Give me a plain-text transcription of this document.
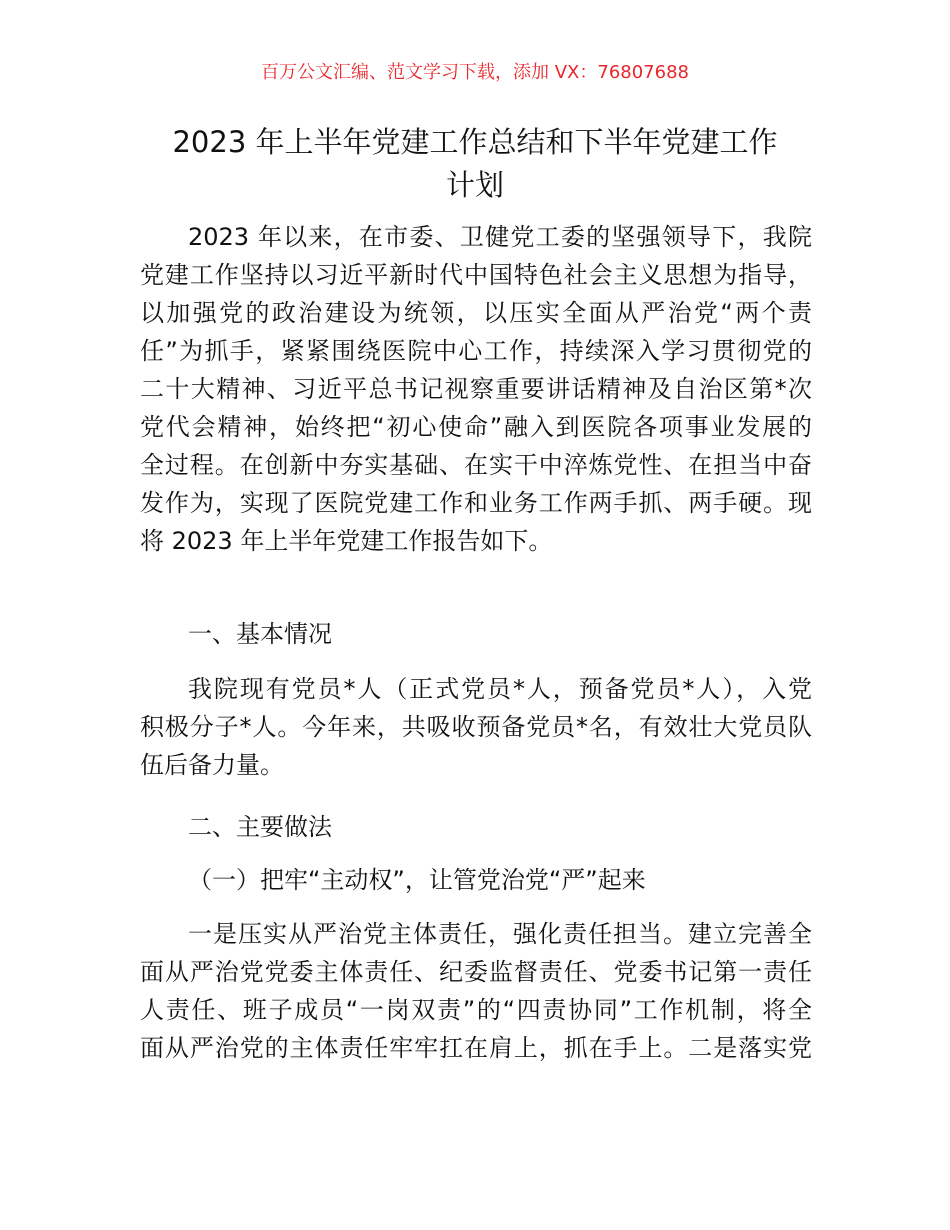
百万公文汇编、范文学习下载，添加 VX：76807688
2023 年上半年党建工作总结和下半年党建工作
计划
2023 年以来，在市委、卫健党工委的坚强领导下，我院
党建工作坚持以习近平新时代中国特色社会主义思想为指导，
以加强党的政治建设为统领，以压实全面从严治党“两个责
任”为抓手，紧紧围绕医院中心工作，持续深入学习贯彻党的
二十大精神、习近平总书记视察重要讲话精神及自治区第*次
党代会精神，始终把“初心使命”融入到医院各项事业发展的
全过程。在创新中夯实基础、在实干中淬炼党性、在担当中奋
发作为，实现了医院党建工作和业务工作两手抓、两手硬。现
将 2023 年上半年党建工作报告如下。
一、基本情况
我院现有党员*人（正式党员*人，预备党员*人），入党
积极分子*人。今年来，共吸收预备党员*名，有效壮大党员队
伍后备力量。
二、主要做法
（一）把牢“主动权”，让管党治党“严”起来
一是压实从严治党主体责任，强化责任担当。建立完善全
面从严治党党委主体责任、纪委监督责任、党委书记第一责任
人责任、班子成员“一岗双责”的“四责协同”工作机制，将全
面从严治党的主体责任牢牢扛在肩上，抓在手上。二是落实党
